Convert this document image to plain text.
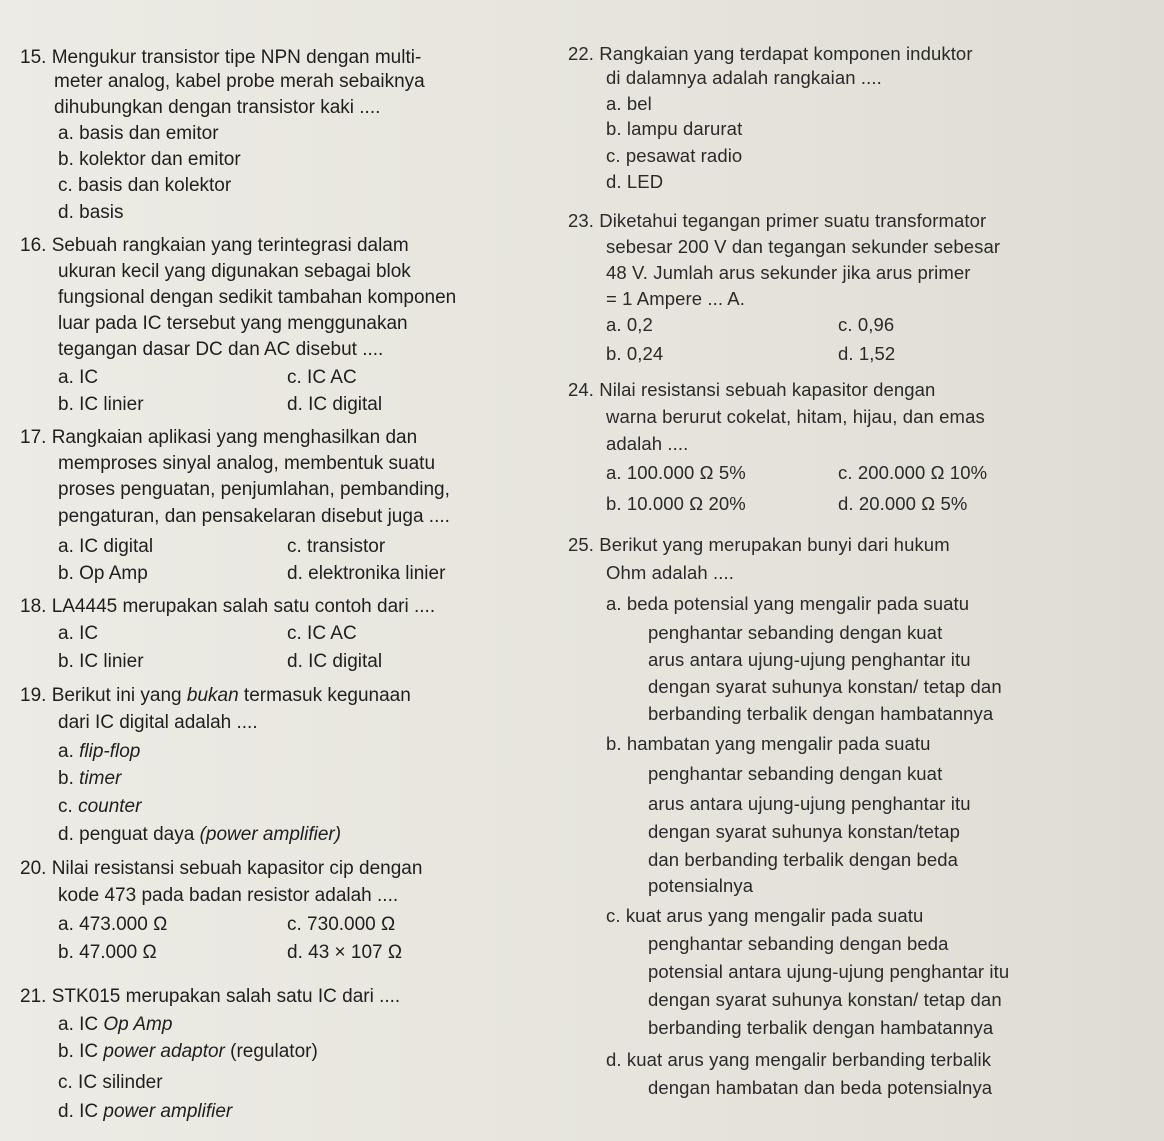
15. Mengukur transistor tipe NPN dengan multi-
meter analog, kabel probe merah sebaiknya
dihubungkan dengan transistor kaki ....
a. basis dan emitor
b. kolektor dan emitor
c. basis dan kolektor
d. basis
16. Sebuah rangkaian yang terintegrasi dalam
ukuran kecil yang digunakan sebagai blok
fungsional dengan sedikit tambahan komponen
luar pada IC tersebut yang menggunakan
tegangan dasar DC dan AC disebut ....
a. IC	c. IC AC
b. IC linier	d. IC digital
17. Rangkaian aplikasi yang menghasilkan dan
memproses sinyal analog, membentuk suatu
proses penguatan, penjumlahan, pembanding,
pengaturan, dan pensakelaran disebut juga ....
a. IC digital	c. transistor
b. Op Amp	d. elektronika linier
18. LA4445 merupakan salah satu contoh dari ....
a. IC	c. IC AC
b. IC linier	d. IC digital
19. Berikut ini yang bukan termasuk kegunaan
dari IC digital adalah ....
a. flip-flop
b. timer
c. counter
d. penguat daya (power amplifier)
20. Nilai resistansi sebuah kapasitor cip dengan
kode 473 pada badan resistor adalah ....
a. 473.000 Ω	c. 730.000 Ω
b. 47.000 Ω	d. 43 × 107 Ω
21. STK015 merupakan salah satu IC dari ....
a. IC Op Amp
b. IC power adaptor (regulator)
c. IC silinder
d. IC power amplifier
22. Rangkaian yang terdapat komponen induktor
di dalamnya adalah rangkaian ....
a. bel
b. lampu darurat
c. pesawat radio
d. LED
23. Diketahui tegangan primer suatu transformator
sebesar 200 V dan tegangan sekunder sebesar
48 V. Jumlah arus sekunder jika arus primer
= 1 Ampere ... A.
a. 0,2	c. 0,96
b. 0,24	d. 1,52
24. Nilai resistansi sebuah kapasitor dengan
warna berurut cokelat, hitam, hijau, dan emas
adalah ....
a. 100.000 Ω 5%	c. 200.000 Ω 10%
b. 10.000 Ω 20%	d. 20.000 Ω 5%
25. Berikut yang merupakan bunyi dari hukum
Ohm adalah ....
a. beda potensial yang mengalir pada suatu
penghantar sebanding dengan kuat
arus antara ujung-ujung penghantar itu
dengan syarat suhunya konstan/ tetap dan
berbanding terbalik dengan hambatannya
b. hambatan yang mengalir pada suatu
penghantar sebanding dengan kuat
arus antara ujung-ujung penghantar itu
dengan syarat suhunya konstan/tetap
dan berbanding terbalik dengan beda
potensialnya
c. kuat arus yang mengalir pada suatu
penghantar sebanding dengan beda
potensial antara ujung-ujung penghantar itu
dengan syarat suhunya konstan/ tetap dan
berbanding terbalik dengan hambatannya
d. kuat arus yang mengalir berbanding terbalik
dengan hambatan dan beda potensialnya
